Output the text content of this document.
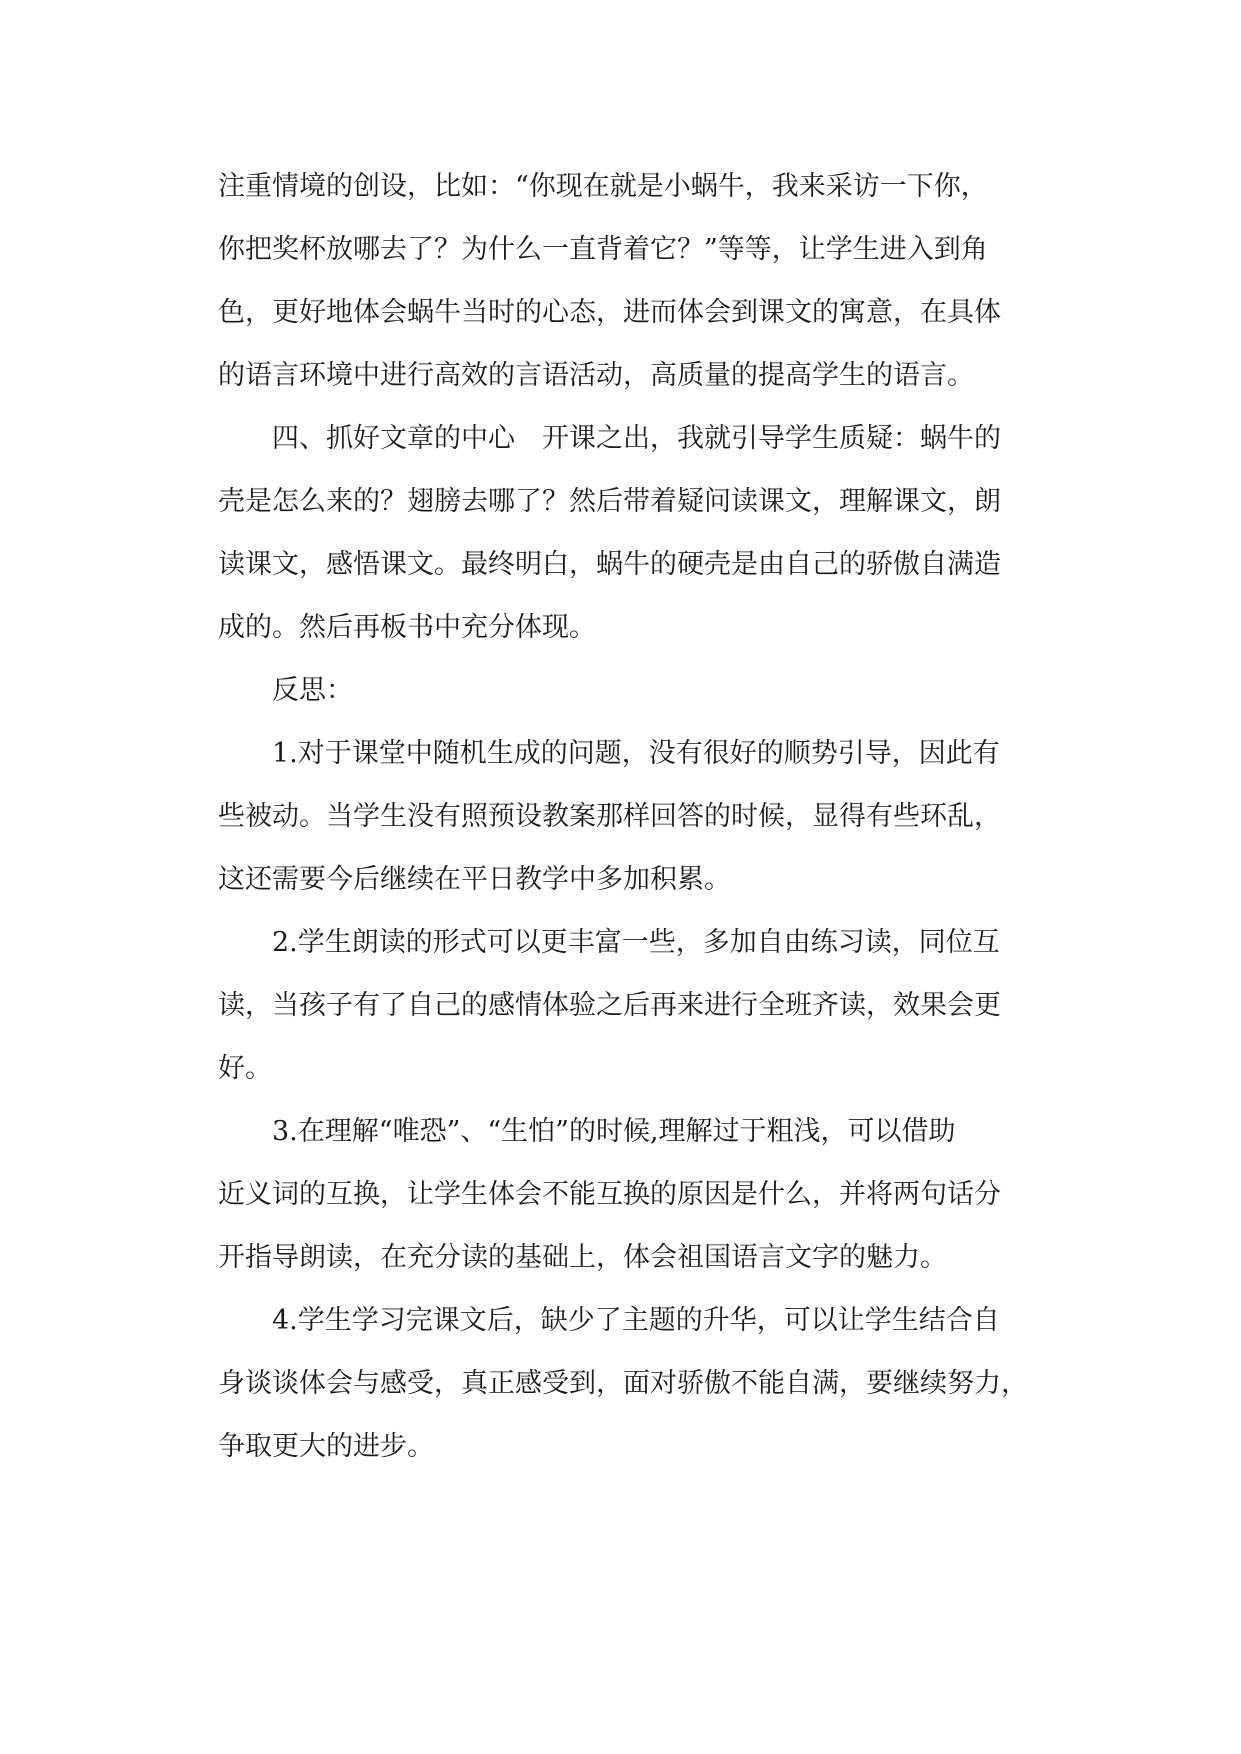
注重情境的创设，比如：“你现在就是小蜗牛，我来采访一下你，
你把奖杯放哪去了？为什么一直背着它？”等等，让学生进入到角
色，更好地体会蜗牛当时的心态，进而体会到课文的寓意，在具体
的语言环境中进行高效的言语活动，高质量的提高学生的语言。
四、抓好文章的中心　开课之出，我就引导学生质疑：蜗牛的
壳是怎么来的？翅膀去哪了？然后带着疑问读课文，理解课文，朗
读课文，感悟课文。最终明白，蜗牛的硬壳是由自己的骄傲自满造
成的。然后再板书中充分体现。
反思：
1.对于课堂中随机生成的问题，没有很好的顺势引导，因此有
些被动。当学生没有照预设教案那样回答的时候，显得有些环乱，
这还需要今后继续在平日教学中多加积累。
2.学生朗读的形式可以更丰富一些，多加自由练习读，同位互
读，当孩子有了自己的感情体验之后再来进行全班齐读，效果会更
好。
3.在理解“唯恐”、“生怕”的时候,理解过于粗浅，可以借助
近义词的互换，让学生体会不能互换的原因是什么，并将两句话分
开指导朗读，在充分读的基础上，体会祖国语言文字的魅力。
4.学生学习完课文后，缺少了主题的升华，可以让学生结合自
身谈谈体会与感受，真正感受到，面对骄傲不能自满，要继续努力，
争取更大的进步。
